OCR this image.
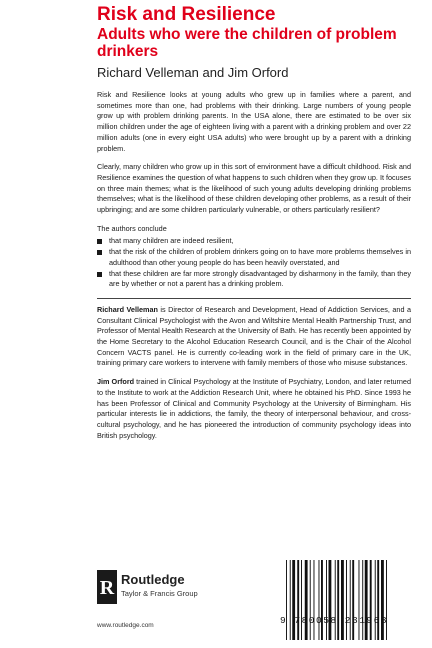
Risk and Resilience
Adults who were the children of problem drinkers
Richard Velleman and Jim Orford

Risk and Resilience looks at young adults who grew up in families where a parent, and sometimes more than one, had problems with their drinking. Large numbers of young people grow up with problem drinking parents. In the USA alone, there are estimated to be over six million children under the age of eighteen living with a parent with a drinking problem and over 22 million adults (one in every eight USA adults) who were brought up by a parent with a drinking problem.

Clearly, many children who grow up in this sort of environment have a difficult childhood. Risk and Resilience examines the question of what happens to such children when they grow up. It focuses on three main themes; what is the likelihood of such young adults developing drinking problems themselves; what is the likelihood of these children developing other problems, as a result of their upbringing; and are some children particularly vulnerable, or others particularly resilient?

The authors conclude

that many children are indeed resilient,
that the risk of the children of problem drinkers going on to have more problems themselves in adulthood than other young people do has been heavily overstated, and
that these children are far more strongly disadvantaged by disharmony in the family, than they are by whether or not a parent has a drinking problem.

Richard Velleman is Director of Research and Development, Head of Addiction Services, and a Consultant Clinical Psychologist with the Avon and Wiltshire Mental Health Partnership Trust, and Professor of Mental Health Research at the University of Bath. He has recently been appointed by the Home Secretary to the Alcohol Education Research Council, and is the Chair of the Alcohol Concern VACTS panel. He is currently co-leading work in the field of primary care in the UK, training primary care workers to intervene with family members of those who misuse substances.

Jim Orford trained in Clinical Psychology at the Institute of Psychiatry, London, and later returned to the Institute to work at the Addiction Research Unit, where he obtained his PhD. Since 1993 he has been Professor of Clinical and Community Psychology at the University of Birmingham. His particular interests lie in addictions, the family, the theory of interpersonal behaviour, and cross-cultural psychology, and he has pioneered the introduction of community psychology ideas into British psychology.

R Routledge
Taylor & Francis Group
www.routledge.com	9 780058 231963
